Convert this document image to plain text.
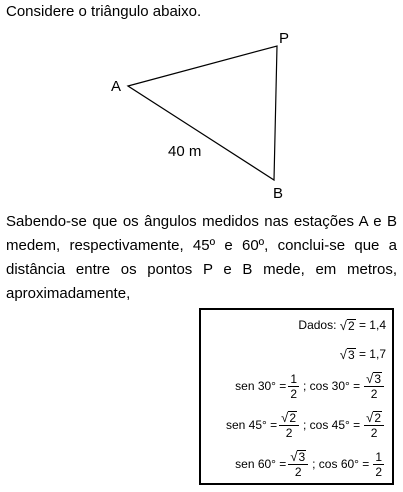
Considere o triângulo abaixo.
A
P
B
40 m
Sabendo-se que os ângulos medidos nas estações A e B medem, respectivamente, 45º e 60º, conclui-se que a distância entre os pontos P e B mede, em metros, aproximadamente,
Dados:
√ 2
= 1,4
√ 3
= 1,7
sen $30^\circ = \frac{1}{2}$ ; $\cos 30^\circ = \frac{√ 3}{2}$
sen $45^\circ = \frac{√ 2}{2}$ ; $\cos 45^\circ = \frac{√ 2}{2}$
sen $60^\circ = \frac{√ 3}{2}$ ; $\cos 60^\circ = \frac{1}{2}$
